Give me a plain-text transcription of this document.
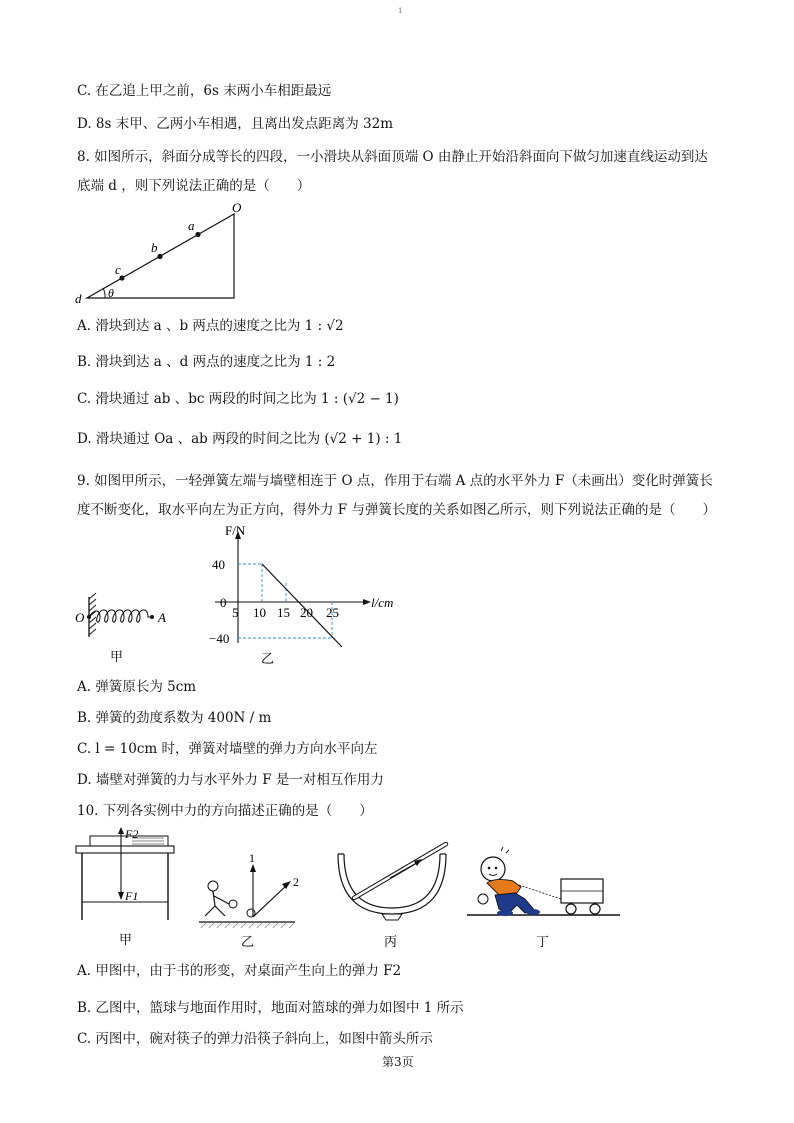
1
C. 在乙追上甲之前，6s 末两小车相距最远
D. 8s 末甲、乙两小车相遇，且离出发点距离为 32m
8. 如图所示，斜面分成等长的四段，一小滑块从斜面顶端 O 由静止开始沿斜面向下做匀加速直线运动到达
底端 d ，则下列说法正确的是（　　）
O
a
b
c
d θ
A. 滑块到达 a 、b 两点的速度之比为 1 : √2
B. 滑块到达 a 、d 两点的速度之比为 1 : 2
C. 滑块通过 ab 、bc 两段的时间之比为 1 : (√2 − 1)
D. 滑块通过 Oa 、ab 两段的时间之比为 (√2 + 1) : 1
9. 如图甲所示，一轻弹簧左端与墙壁相连于 O 点，作用于右端 A 点的水平外力 F（未画出）变化时弹簧长
度不断变化，取水平向左为正方向，得外力 F 与弹簧长度的关系如图乙所示，则下列说法正确的是（　　）
O	A
甲
F/N
l/cm
40
0
−40
5 10 15 20 25
乙
A. 弹簧原长为 5cm
B. 弹簧的劲度系数为 400N / m
C. l = 10cm 时，弹簧对墙壁的弹力方向水平向左
D. 墙壁对弹簧的力与水平外力 F 是一对相互作用力
10. 下列各实例中力的方向描述正确的是（　　）
F2
F1
甲
1
2
乙	丙	丁
A. 甲图中，由于书的形变，对桌面产生向上的弹力 F2
B. 乙图中，篮球与地面作用时，地面对篮球的弹力如图中 1 所示
C. 丙图中，碗对筷子的弹力沿筷子斜向上，如图中箭头所示
第3页
